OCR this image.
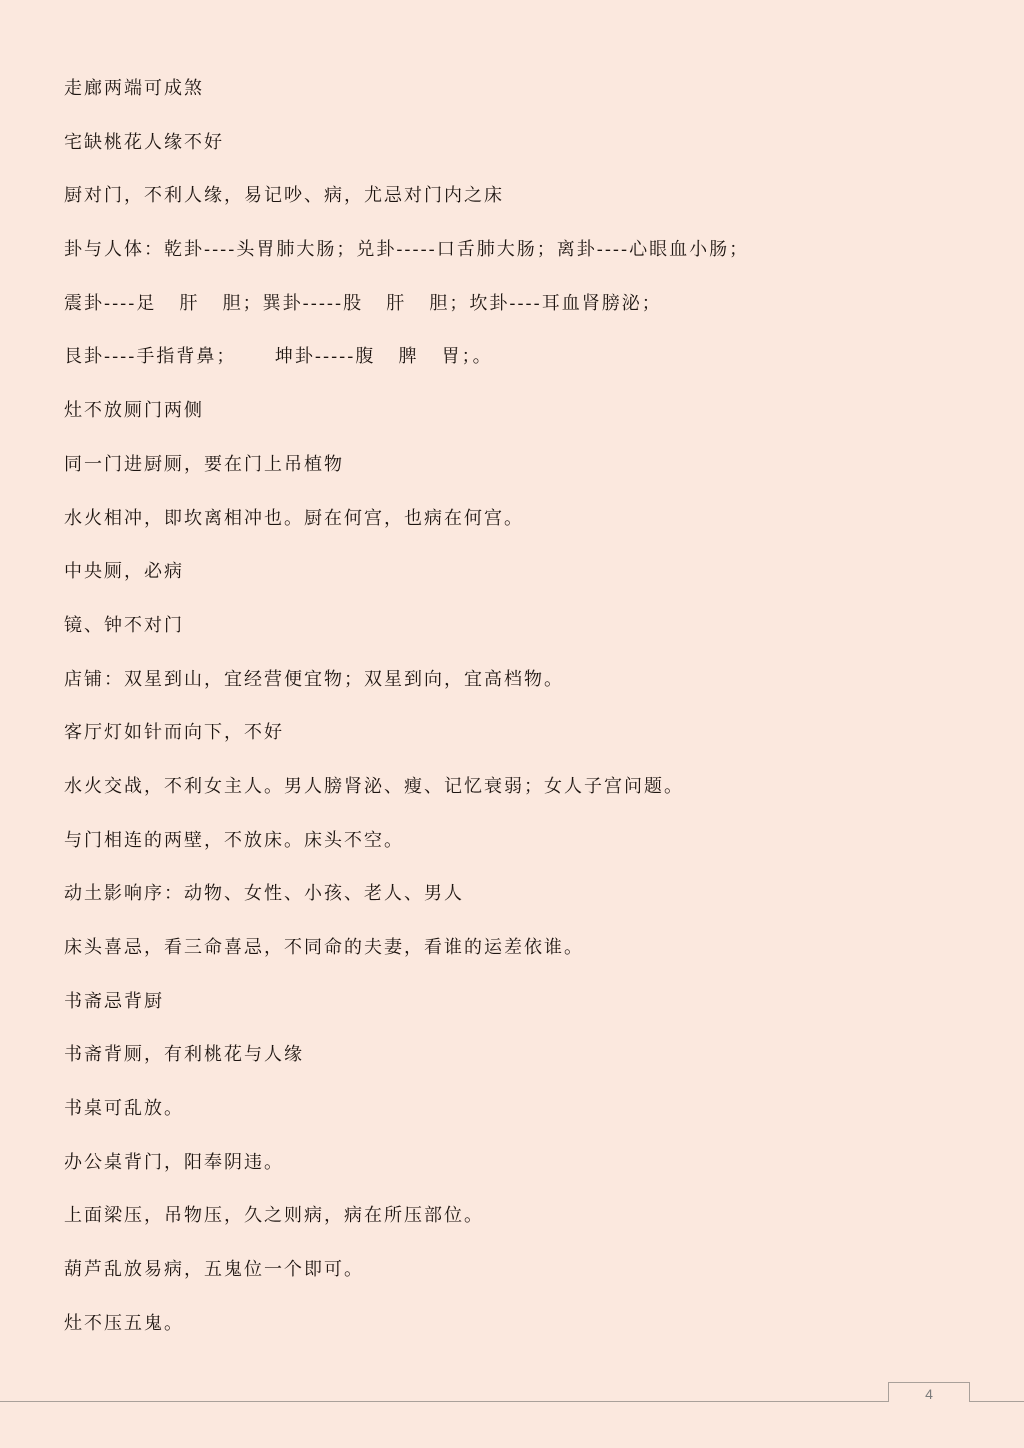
走廊两端可成煞
宅缺桃花人缘不好
厨对门，不利人缘，易记吵、病，尤忌对门内之床
卦与人体：乾卦----头胃肺大肠；兑卦-----口舌肺大肠；离卦----心眼血小肠；
震卦----足   肝   胆；巽卦-----股   肝   胆；坎卦----耳血肾膀泌；
艮卦----手指背鼻；     坤卦-----腹   脾   胃；。
灶不放厕门两侧
同一门进厨厕，要在门上吊植物
水火相冲，即坎离相冲也。厨在何宫，也病在何宫。
中央厕，必病
镜、钟不对门
店铺：双星到山，宜经营便宜物；双星到向，宜高档物。
客厅灯如针而向下，不好
水火交战，不利女主人。男人膀肾泌、瘦、记忆衰弱；女人子宫问题。
与门相连的两壁，不放床。床头不空。
动土影响序：动物、女性、小孩、老人、男人
床头喜忌，看三命喜忌，不同命的夫妻，看谁的运差依谁。
书斋忌背厨
书斋背厕，有利桃花与人缘
书桌可乱放。
办公桌背门，阳奉阴违。
上面梁压，吊物压，久之则病，病在所压部位。
葫芦乱放易病，五鬼位一个即可。
灶不压五鬼。
4
